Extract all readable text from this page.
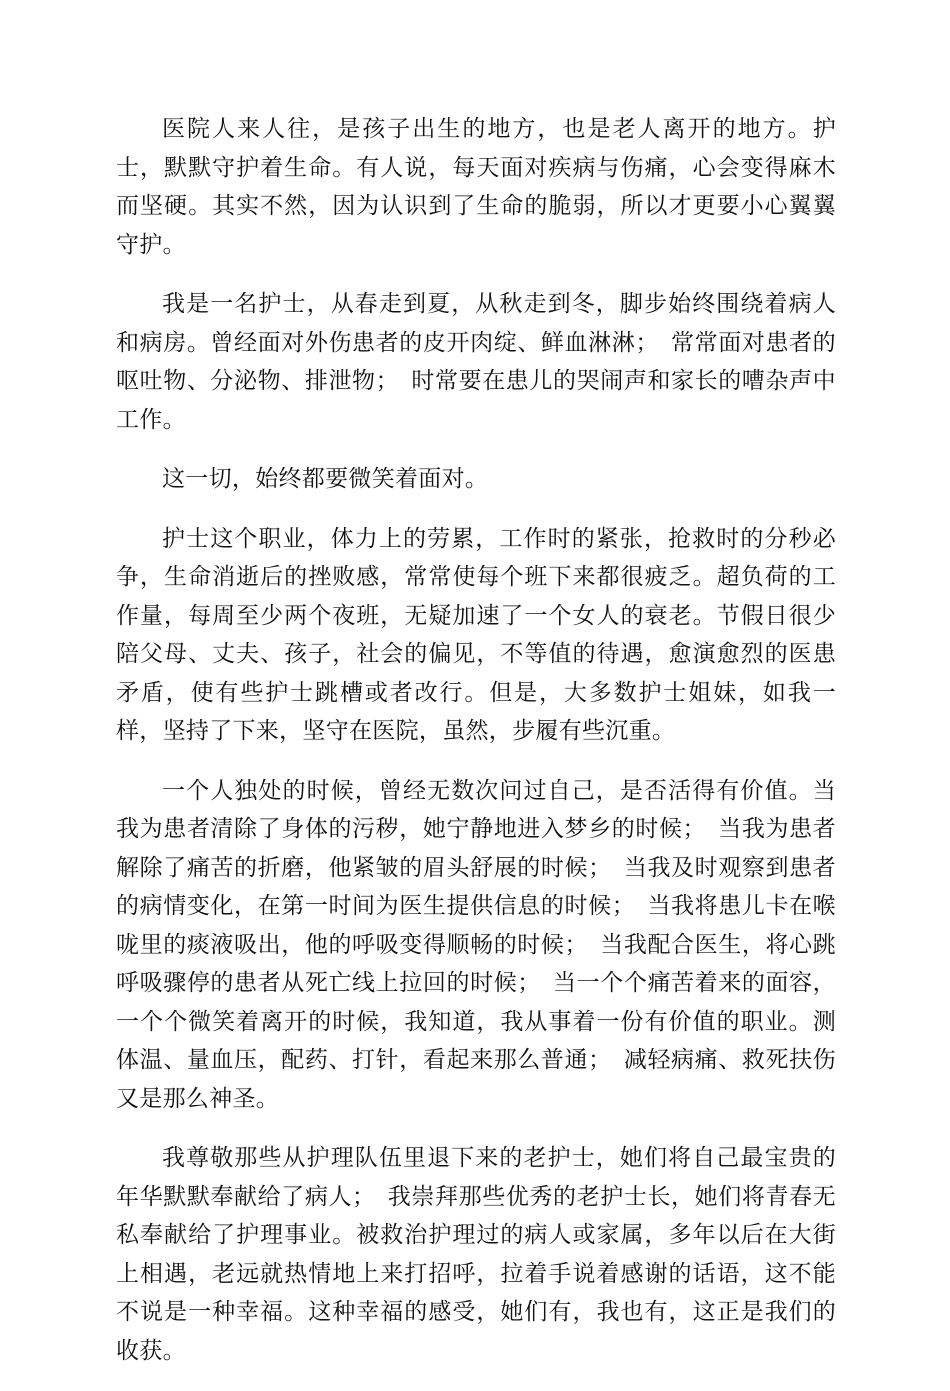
医院人来人往，是孩子出生的地方，也是老人离开的地方。护士，默默守护着生命。有人说，每天面对疾病与伤痛，心会变得麻木而坚硬。其实不然，因为认识到了生命的脆弱，所以才更要小心翼翼守护。

我是一名护士，从春走到夏，从秋走到冬，脚步始终围绕着病人和病房。曾经面对外伤患者的皮开肉绽、鲜血淋淋；　常常面对患者的呕吐物、分泌物、排泄物；　时常要在患儿的哭闹声和家长的嘈杂声中工作。

这一切，始终都要微笑着面对。

护士这个职业，体力上的劳累，工作时的紧张，抢救时的分秒必争，生命消逝后的挫败感，常常使每个班下来都很疲乏。超负荷的工作量，每周至少两个夜班，无疑加速了一个女人的衰老。节假日很少陪父母、丈夫、孩子，社会的偏见，不等值的待遇，愈演愈烈的医患矛盾，使有些护士跳槽或者改行。但是，大多数护士姐妹，如我一样，坚持了下来，坚守在医院，虽然，步履有些沉重。

一个人独处的时候，曾经无数次问过自己，是否活得有价值。当我为患者清除了身体的污秽，她宁静地进入梦乡的时候；　当我为患者解除了痛苦的折磨，他紧皱的眉头舒展的时候；　当我及时观察到患者的病情变化，在第一时间为医生提供信息的时候；　当我将患儿卡在喉咙里的痰液吸出，他的呼吸变得顺畅的时候；　当我配合医生，将心跳呼吸骤停的患者从死亡线上拉回的时候；　当一个个痛苦着来的面容，一个个微笑着离开的时候，我知道，我从事着一份有价值的职业。测体温、量血压，配药、打针，看起来那么普通；　减轻病痛、救死扶伤又是那么神圣。

我尊敬那些从护理队伍里退下来的老护士，她们将自己最宝贵的年华默默奉献给了病人；　我崇拜那些优秀的老护士长，她们将青春无私奉献给了护理事业。被救治护理过的病人或家属，多年以后在大街上相遇，老远就热情地上来打招呼，拉着手说着感谢的话语，这不能不说是一种幸福。这种幸福的感受，她们有，我也有，这正是我们的收获。
